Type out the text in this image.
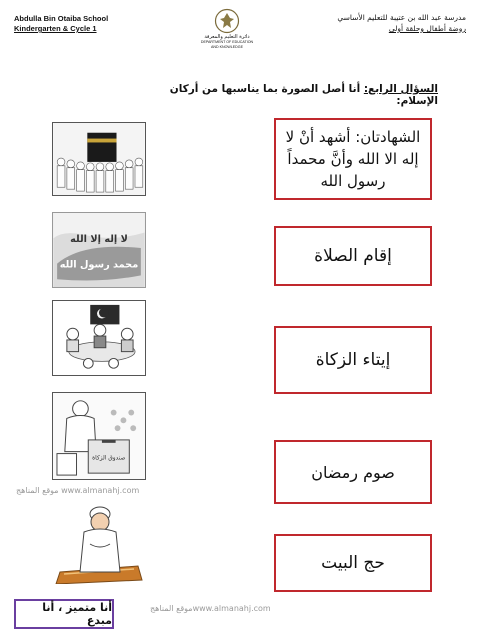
Abdulla Bin Otaiba School
Kindergarten & Cycle 1
دائرة التعليم والمعرفة
DEPARTMENT OF EDUCATION
AND KNOWLEDGE
مدرسة عبد الله بن عتيبة للتعليم الأساسي
روضة أطفال وحلقة أولى
السؤال الرابع: أنا أصل الصورة بما يناسبها من أركان الإسلام:
لا إله إلا الله
محمد رسول الله
صندوق الزكاة
الشهادتان: أشهد أنْ لا إله الا الله وأنَّ محمداً رسول الله
إقام الصلاة
إيتاء الزكاة
صوم رمضان
حج البيت
موقع المناهج www.almanahj.com
موقع المناهجwww.almanahj.com
أنا متميز ، أنا مبدع
